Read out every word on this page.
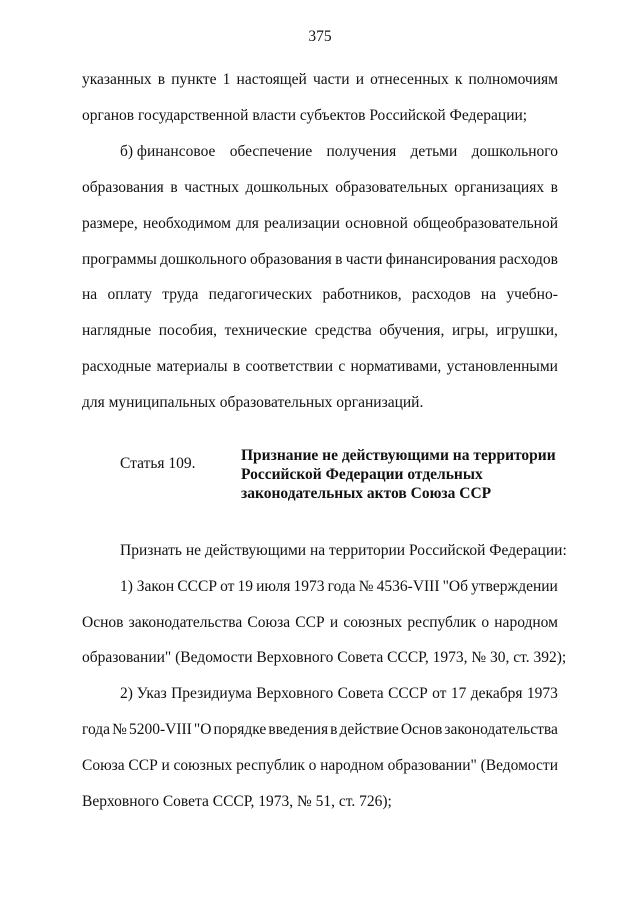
375
указанных в пункте 1 настоящей части и отнесенных к полномочиям
органов государственной власти субъектов Российской Федерации;
б) финансовое обеспечение получения детьми дошкольного
образования в частных дошкольных образовательных организациях в
размере, необходимом для реализации основной общеобразовательной
программы дошкольного образования в части финансирования расходов
на оплату труда педагогических работников, расходов на учебно-
наглядные пособия, технические средства обучения, игры, игрушки,
расходные материалы в соответствии с нормативами, установленными
для муниципальных образовательных организаций.
Статья 109.	Признание не действующими на территории
Российской Федерации отдельных
законодательных актов Союза ССР
Признать не действующими на территории Российской Федерации:
1) Закон СССР от 19 июля 1973 года № 4536-VIII "Об утверждении
Основ законодательства Союза ССР и союзных республик о народном
образовании" (Ведомости Верховного Совета СССР, 1973, № 30, ст. 392);
2) Указ Президиума Верховного Совета СССР от 17 декабря 1973
года № 5200-VIII "О порядке введения в действие Основ законодательства
Союза ССР и союзных республик о народном образовании" (Ведомости
Верховного Совета СССР, 1973, № 51, ст. 726);
